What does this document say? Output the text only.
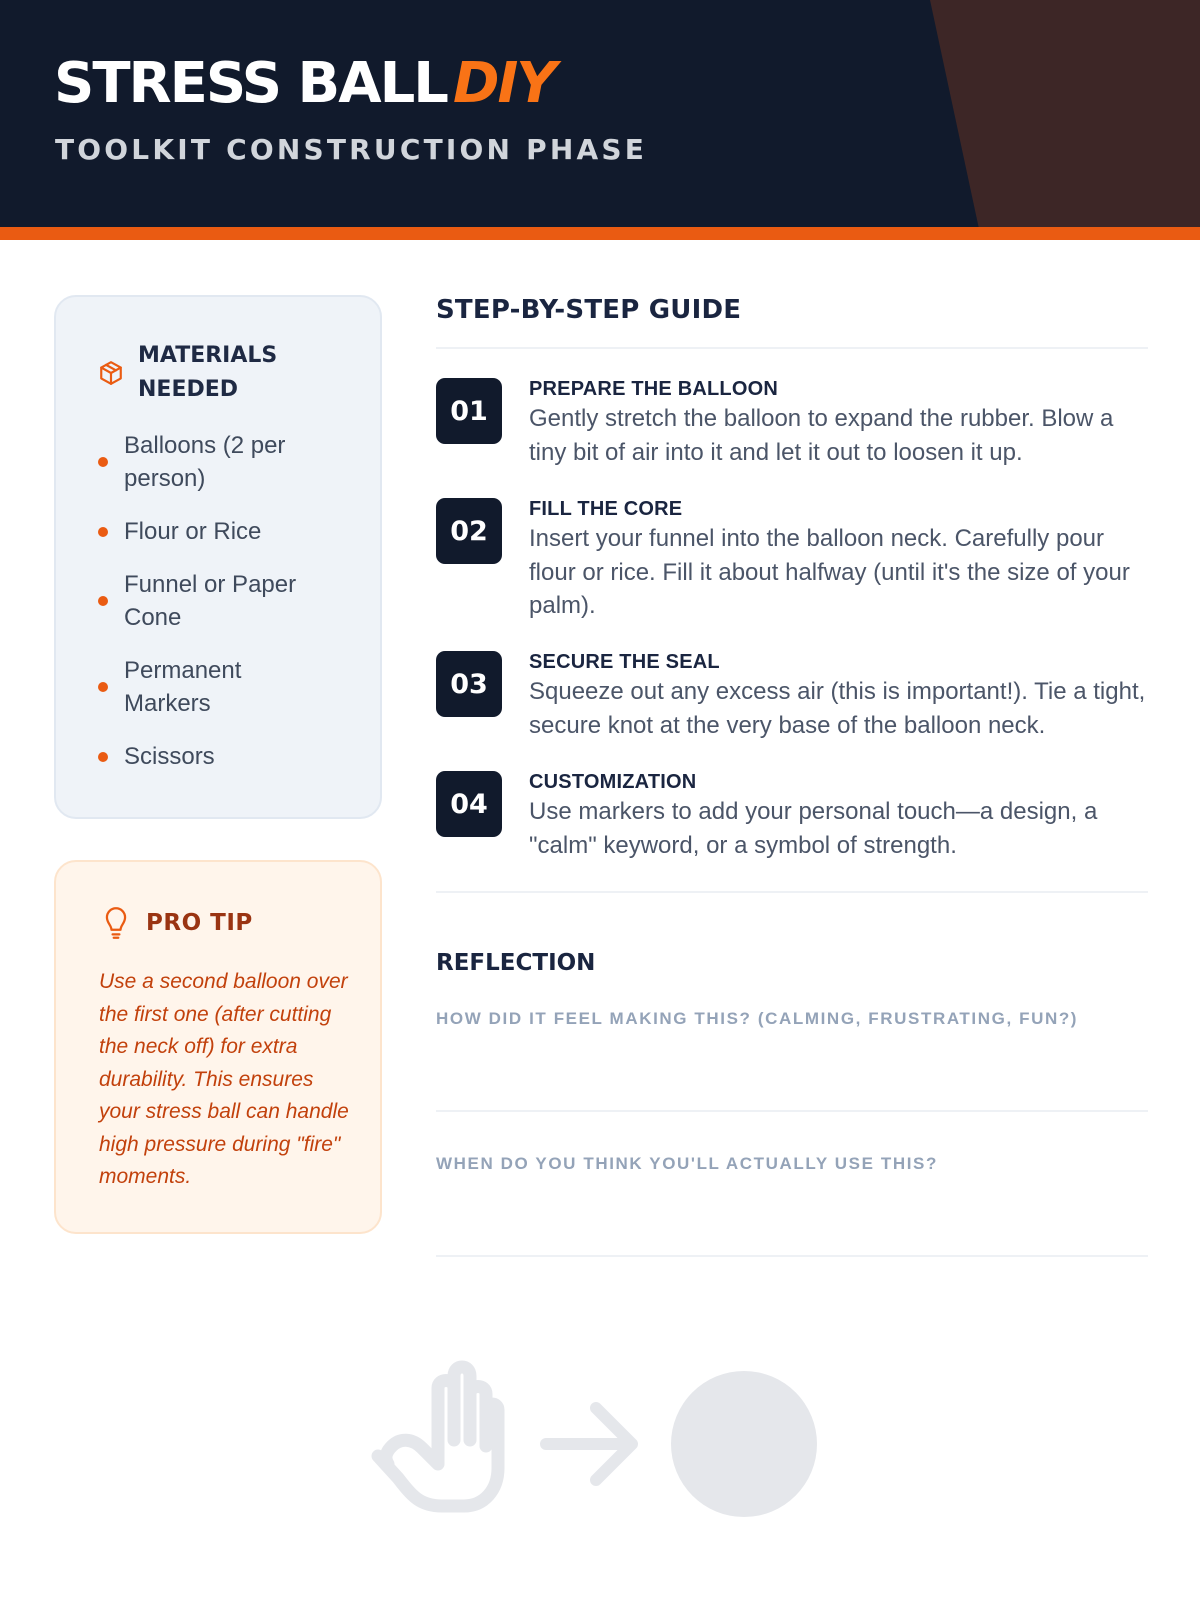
STRESS BALL DIY
TOOLKIT CONSTRUCTION PHASE
MATERIALS
NEEDED
Balloons (2 per
person)
Flour or Rice
Funnel or Paper
Cone
Permanent
Markers
Scissors
PRO TIP
Use a second balloon over the first one (after cutting the neck off) for extra durability. This ensures your stress ball can handle high pressure during "fire" moments.
STEP-BY-STEP GUIDE
01
PREPARE THE BALLOON
Gently stretch the balloon to expand the rubber. Blow a tiny bit of air into it and let it out to loosen it up.
02
FILL THE CORE
Insert your funnel into the balloon neck. Carefully pour flour or rice. Fill it about halfway (until it's the size of your palm).
03
SECURE THE SEAL
Squeeze out any excess air (this is important!). Tie a tight, secure knot at the very base of the balloon neck.
04
CUSTOMIZATION
Use markers to add your personal touch—a design, a "calm" keyword, or a symbol of strength.
REFLECTION
HOW DID IT FEEL MAKING THIS? (CALMING, FRUSTRATING, FUN?)
WHEN DO YOU THINK YOU'LL ACTUALLY USE THIS?
